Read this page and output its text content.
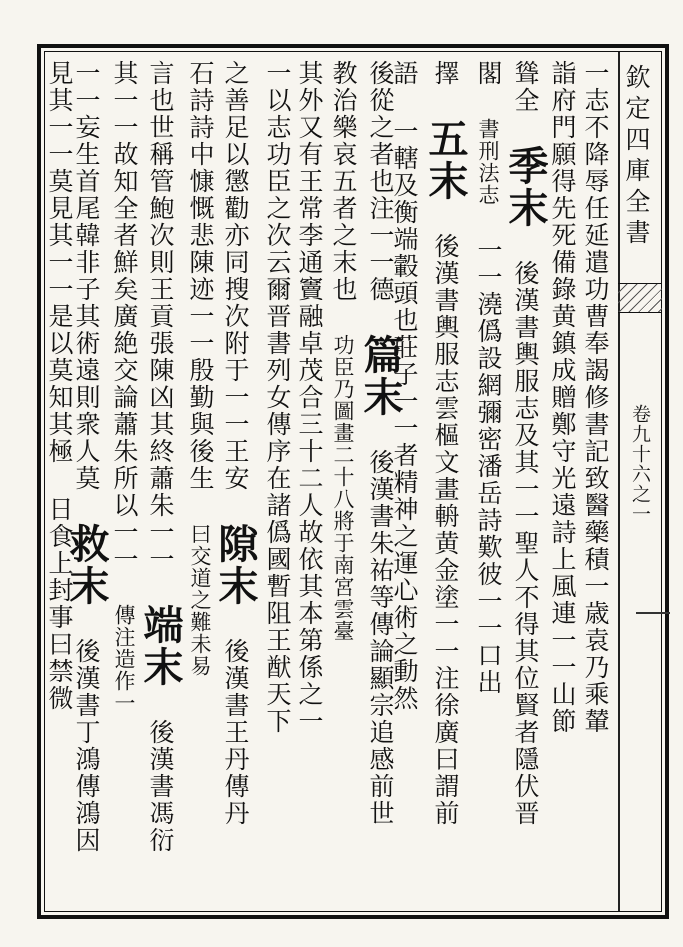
欽定四庫全書
卷九十六之一
一志不降辱任延遣功曹奉謁修書記致醫藥積一歳袁乃乘輦
詣府門願得先死備錄黄鎮成贈鄭守光遠詩上風連一一山節
聳全 季末 後漢書輿服志及其一一聖人不得其位賢者隱伏晋
閣 書刑法志 一一澆僞設網彌密潘岳詩歎彼一一口出
擇 五末 後漢書輿服志雲樞文畫輈黄金塗一一注徐廣曰謂前
語 一轄及衡端轂頭也莊子一一者精神之運心術之動然
後從之者也注一一德 篇末 後漢書朱祐等傳論顯宗追感前世
教治樂哀五者之末也 功臣乃圖畫二十八將于南宮雲臺
其外又有王常李通竇融卓茂合三十二人故依其本第係之一
一以志功臣之次云爾晋書列女傳序在諸僞國暫阻王猷天下
之善足以懲勸亦同搜次附于一一王安 隙末 後漢書王丹傳丹
石詩詩中慷慨悲陳迹一一殷勤與後生 曰交道之難未易
言也世稱管鮑次則王貢張陳凶其終蕭朱一一 端末 後漢書馮衍
其一一故知全者鮮矣廣絶交論蕭朱所以一一 傳注造作一
一一妄生首尾韓非子其術遠則衆人莫 救末 後漢書丁鴻傳鴻因
見其一一莫見其一一是以莫知其極 日食上封事曰禁微
